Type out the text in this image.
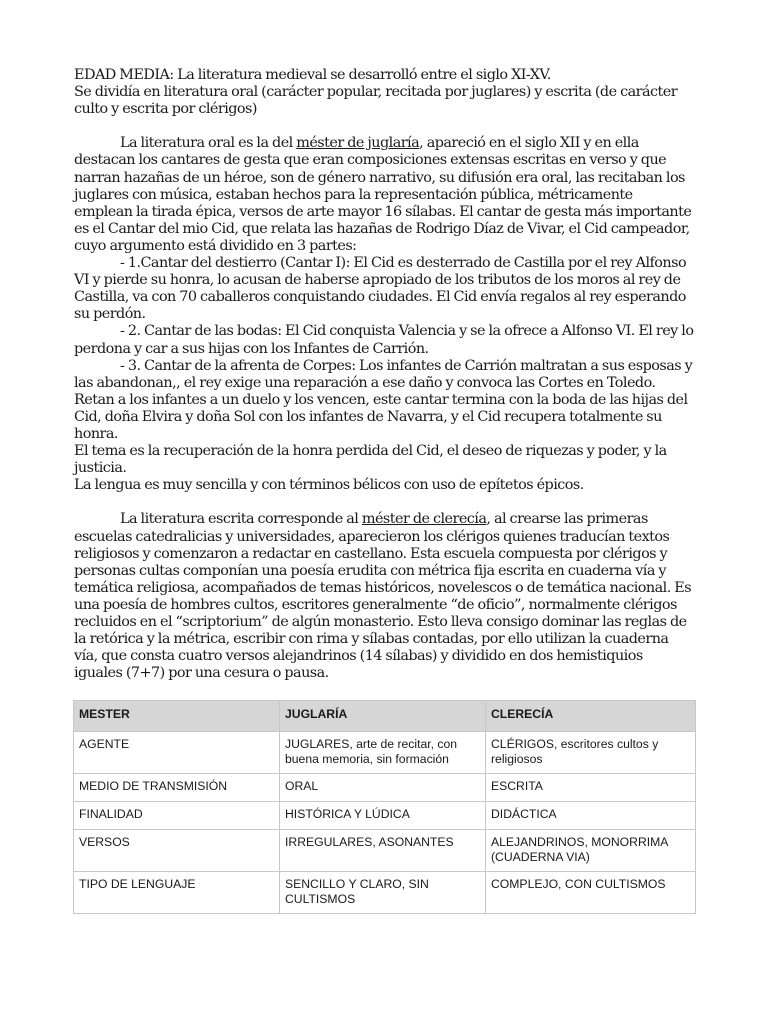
EDAD MEDIA: La literatura medieval se desarrolló entre el siglo XI-XV.

Se dividía en literatura oral (carácter popular, recitada por juglares) y escrita (de carácter culto y escrita por clérigos)

La literatura oral es la del méster de juglaría, apareció en el siglo XII y en ella destacan los cantares de gesta que eran composiciones extensas escritas en verso y que narran hazañas de un héroe, son de género narrativo, su difusión era oral, las recitaban los juglares con música, estaban hechos para la representación pública, métricamente emplean la tirada épica, versos de arte mayor 16 sílabas. El cantar de gesta más importante es el Cantar del mio Cid, que relata las hazañas de Rodrigo Díaz de Vivar, el Cid campeador, cuyo argumento está dividido en 3 partes:

- 1.Cantar del destierro (Cantar I): El Cid es desterrado de Castilla por el rey Alfonso VI y pierde su honra, lo acusan de haberse apropiado de los tributos de los moros al rey de Castilla, va con 70 caballeros conquistando ciudades. El Cid envía regalos al rey esperando su perdón.

- 2. Cantar de las bodas: El Cid conquista Valencia y se la ofrece a Alfonso VI. El rey lo perdona y car a sus hijas con los Infantes de Carrión.

- 3. Cantar de la afrenta de Corpes: Los infantes de Carrión maltratan a sus esposas y las abandonan,, el rey exige una reparación a ese daño y convoca las Cortes en Toledo. Retan a los infantes a un duelo y los vencen, este cantar termina con la boda de las hijas del Cid, doña Elvira y doña Sol con los infantes de Navarra, y el Cid recupera totalmente su honra.

El tema es la recuperación de la honra perdida del Cid, el deseo de riquezas y poder, y la justicia.

La lengua es muy sencilla y con términos bélicos con uso de epítetos épicos.

La literatura escrita corresponde al méster de clerecía, al crearse las primeras escuelas catedralicias y universidades, aparecieron los clérigos quienes traducían textos religiosos y comenzaron a redactar en castellano. Esta escuela compuesta por clérigos y personas cultas componían una poesía erudita con métrica fija escrita en cuaderna vía y temática religiosa, acompañados de temas históricos, novelescos o de temática nacional. Es una poesía de hombres cultos, escritores generalmente “de oficio”, normalmente clérigos recluidos en el “scriptorium” de algún monasterio. Esto lleva consigo dominar las reglas de la retórica y la métrica, escribir con rima y sílabas contadas, por ello utilizan la cuaderna vía, que consta cuatro versos alejandrinos (14 sílabas) y dividido en dos hemistiquios iguales (7+7) por una cesura o pausa.

MESTER	JUGLARÍA	CLERECÍA
AGENTE	JUGLARES, arte de recitar, con buena memoria, sin formación	CLÉRIGOS, escritores cultos y religiosos
MEDIO DE TRANSMISIÓN	ORAL	ESCRITA
FINALIDAD	HISTÓRICA Y LÚDICA	DIDÁCTICA
VERSOS	IRREGULARES, ASONANTES	ALEJANDRINOS, MONORRIMA (CUADERNA VIA)
TIPO DE LENGUAJE	SENCILLO Y CLARO, SIN CULTISMOS	COMPLEJO, CON CULTISMOS
